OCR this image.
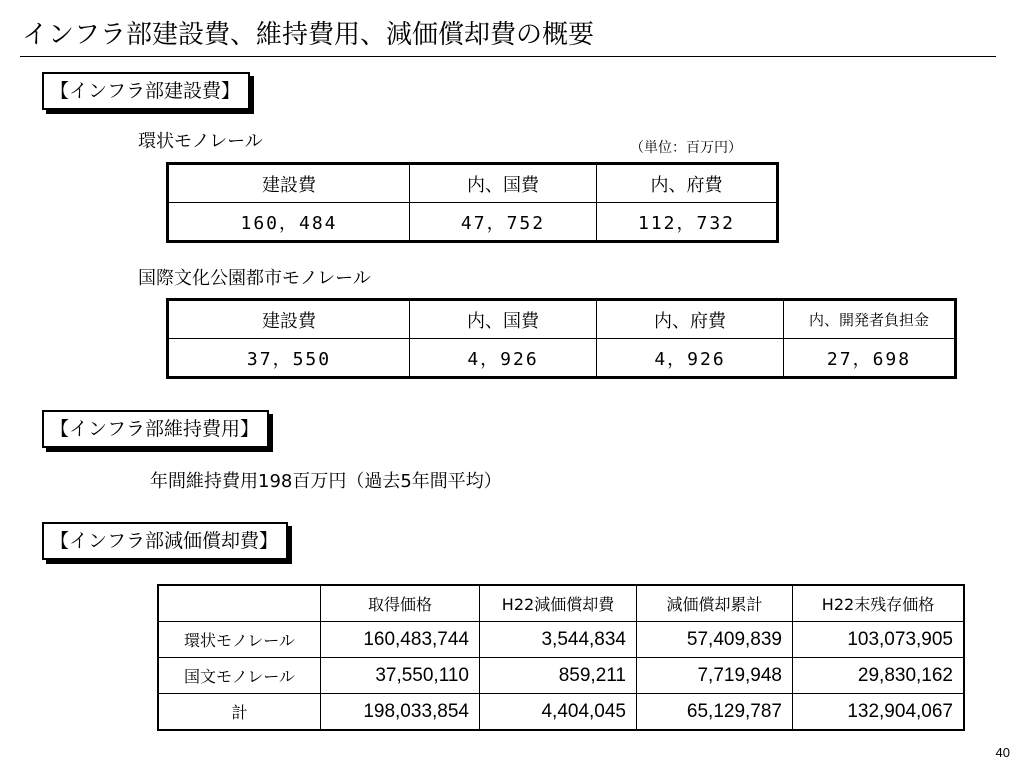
インフラ部建設費、維持費用、減価償却費の概要
【インフラ部建設費】
環状モノレール	（単位：百万円）
建設費	内、国費	内、府費
160，484	47，752	112，732
国際文化公園都市モノレール
建設費	内、国費	内、府費	内、開発者負担金
37，550	4，926	4，926	27，698
【インフラ部維持費用】
年間維持費用198百万円（過去5年間平均）
【インフラ部減価償却費】
	取得価格	H22減価償却費	減価償却累計	H22末残存価格
環状モノレール	160,483,744	3,544,834	57,409,839	103,073,905
国文モノレール	37,550,110	859,211	7,719,948	29,830,162
計	198,033,854	4,404,045	65,129,787	132,904,067
40
